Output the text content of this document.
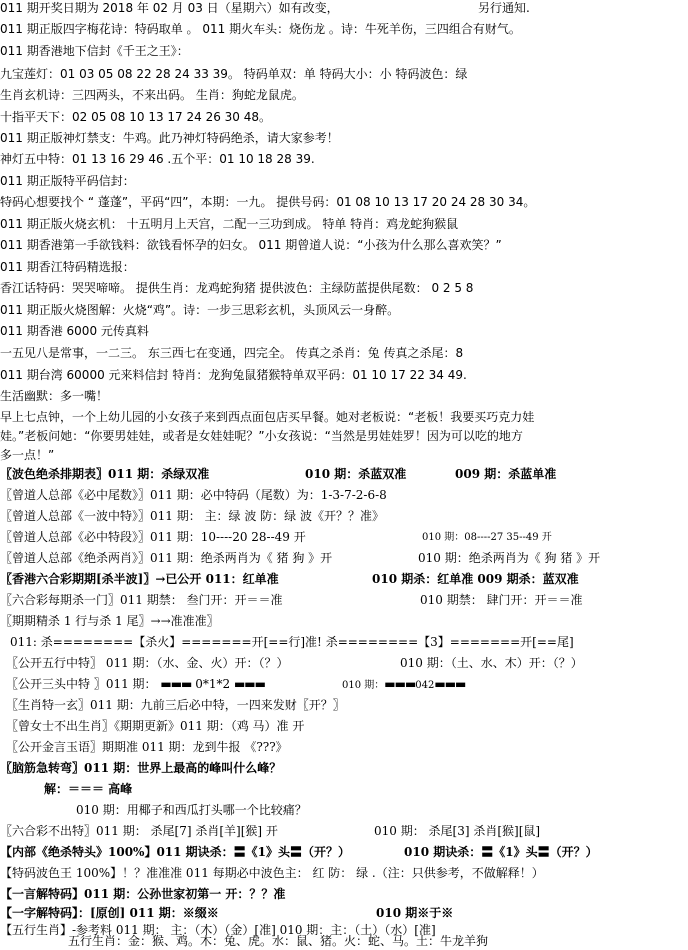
011 期开奖日期为 2018 年 02 月 03 日（星期六）如有改变，	另行通知.
011 期正版四字梅花诗：特码取单 。 011 期火车头：烧伤龙 。诗：牛死羊伤，三四组合有财气。
011 期香港地下信封《千王之王》：
九宝莲灯：01 03 05 08 22 28 24 33 39。 特码单双：单 特码大小：小 特码波色：绿
生肖玄机诗：三四两头，不来出码。 生肖：狗蛇龙鼠虎。
十指平天下：02 05 08 10 13 17 24 26 30 48。
011 期正版神灯禁支：牛鸡。此乃神灯特码绝杀，请大家参考！
神灯五中特：01 13 16 29 46 .五个平：01 10 18 28 39.
011 期正版特平码信封：
特码心想要找个 “ 蓬蓬”，平码“四”，本期：一九。 提供号码：01 08 10 13 17 20 24 28 30 34。
011 期正版火烧玄机： 十五明月上天宫，二配一三功到成。 特单 特肖：鸡龙蛇狗猴鼠
011 期香港第一手欲钱料：欲钱看怀孕的妇女。 011 期曾道人说：“小孩为什么那么喜欢笑？”
011 期香江特码精选报：
香江话特码：哭哭啼啼。 提供生肖：龙鸡蛇狗猪 提供波色：主绿防蓝提供尾数： 0 2 5 8
011 期正版火烧图解：火烧“鸡”。诗：一步三思彩玄机，头顶风云一身醉。
011 期香港 6000 元传真料
一五见八是常事，一二三。 东三西七在变通，四完全。 传真之杀肖：兔 传真之杀尾：8
011 期台湾 60000 元来料信封 特肖：龙狗兔鼠猪猴特单双平码：01 10 17 22 34 49.
生活幽默：多一嘴！
早上七点钟，一个上幼儿园的小女孩子来到西点面包店买早餐。她对老板说：“老板！我要买巧克力娃
娃。”老板问她：“你要男娃娃，或者是女娃娃呢？”小女孩说：“当然是男娃娃罗！因为可以吃的地方
多一点！”
〖波色绝杀排期表〗011 期：杀绿双准	010 期：杀蓝双准	009 期：杀蓝单准
〖曾道人总部《必中尾数》〗011 期：必中特码（尾数）为：1-3-7-2-6-8
〖曾道人总部《一波中特》〗011 期： 主：绿 波 防：绿 波《开？？准》
〖曾道人总部《必中特段》〗011 期：10----20 28--49 开	010 期：08----27 35--49 开
〖曾道人总部《绝杀两肖》〗011 期：绝杀两肖为《 猪 狗 》开	010 期：绝杀两肖为《 狗 猪 》开
〖香港六合彩期期[杀半波]〗→已公开 011：红单准	010 期杀：红单准 009 期杀：蓝双准
〖六合彩每期杀一门〗011 期禁： 叁门开：开＝＝准	010 期禁： 肆门开：开＝＝准
〖期期精杀 1 行与杀 1 尾〗→→准准准〗
011: 杀========【杀火】=======开[==行]准! 杀========【3】=======开[==尾]
〖公开五行中特〗 011 期：（水、金、火）开：（？）	010 期：（土、水、木）开：（？）
〖公开三头中特 〗011 期： ▬▬▬ 0*1*2 ▬▬▬	010 期：▬▬▬042▬▬▬
〖生肖特一玄〗011 期：九前三后必中特，一四来发财〖开？〗
〖曾女士不出生肖〗《期期更新》011 期：（鸡 马）准 开
〖公开金言玉语〗期期准 011 期：龙到牛报 《???》
〖脑筋急转弯〗011 期：世界上最高的峰叫什么峰？
解：＝＝＝ 高峰
010 期：用椰子和西瓜打头哪一个比较痛？
〖六合彩不出特〗011 期： 杀尾[7] 杀肖[羊][猴] 开	010 期： 杀尾[3] 杀肖[猴][鼠]
【内部《绝杀特头》100%】011 期诀杀：〓《1》头〓（开？）	010 期诀杀：〓《1》头〓（开？）
【特码波色王 100%】！？准准准 011 每期必中波色主： 红 防： 绿 .（注：只供参考，不做解释！）
【一言解特码】011 期：公孙世家初第一 开：？？准
【一字解特码】：[原创] 011 期：※缀※	010 期※于※
【五行生肖】-参考料 011 期： 主：（木）（金）[准] 010 期：主：（土）（水）[准]
五行生肖：金：猴、鸡。木：兔、虎。水：鼠、猪。火：蛇、马。土：牛龙羊狗
